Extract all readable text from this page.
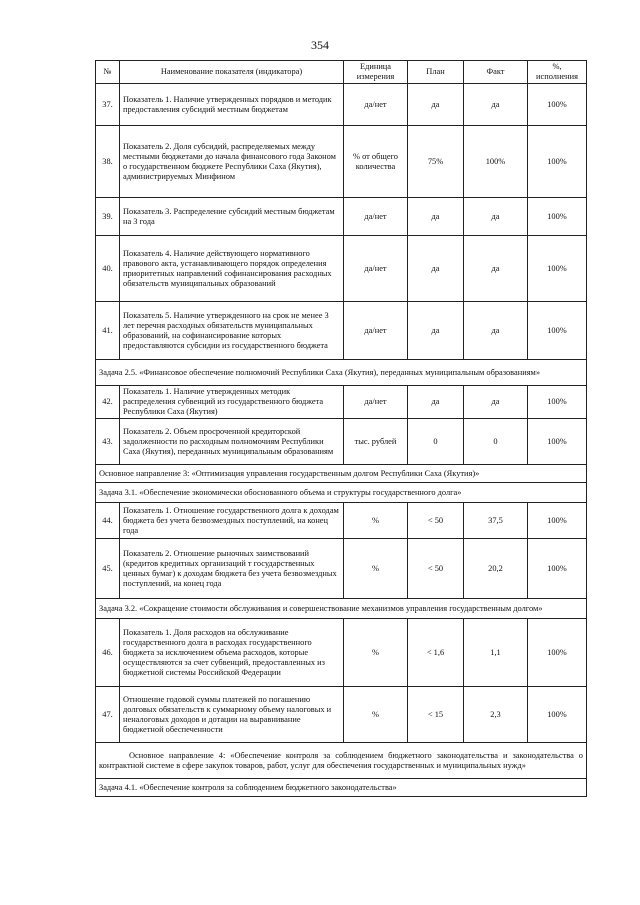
354
№	Наименование показателя (индикатора)	Единица измерения	План	Факт	%, исполнения
37.	Показатель 1. Наличие утвержденных порядков и методик предоставления субсидий местным бюджетам	да/нет	да	да	100%
38.	Показатель 2. Доля субсидий, распределяемых между местными бюджетами до начала финансового года Законом о государственном бюджете Республики Саха (Якутия), администрируемых Минфином	% от общего количества	75%	100%	100%
39.	Показатель 3. Распределение субсидий местным бюджетам на 3 года	да/нет	да	да	100%
40.	Показатель 4. Наличие действующего нормативного правового акта, устанавливающего порядок определения приоритетных направлений софинансирования расходных обязательств муниципальных образований	да/нет	да	да	100%
41.	Показатель 5. Наличие утвержденного на срок не менее 3 лет перечня расходных обязательств муниципальных образований, на софинансирование которых предоставляются субсидии из государственного бюджета	да/нет	да	да	100%
Задача 2.5. «Финансовое обеспечение полномочий Республики Саха (Якутия), переданных муниципальным образованиям»					
42.	Показатель 1. Наличие утвержденных методик распределения субвенций из государственного бюджета Республики Саха (Якутия)	да/нет	да	да	100%
43.	Показатель 2. Объем просроченной кредиторской задолженности по расходным полномочиям Республики Саха (Якутия), переданных муниципальным образованиям	тыс. рублей	0	0	100%
Основное направление 3: «Оптимизация управления государственным долгом Республики Саха (Якутия)»					
Задача 3.1. «Обеспечение экономически обоснованного объема и структуры государственного долга»					
44.	Показатель 1. Отношение государственного долга к доходам бюджета без учета безвозмездных поступлений, на конец года	%	< 50	37,5	100%
45.	Показатель 2. Отношение рыночных заимствований (кредитов кредитных организаций т государственных ценных бумаг) к доходам бюджета без учета безвозмездных поступлений, на конец года	%	< 50	20,2	100%
Задача 3.2. «Сокращение стоимости обслуживания и совершенствование механизмов управления государственным долгом»					
46.	Показатель 1. Доля расходов на обслуживание государственного долга в расходах государственного бюджета за исключением объема расходов, которые осуществляются за счет субвенций, предоставленных из бюджетной системы Российской Федерации	%	< 1,6	1,1	100%
47.	Отношение годовой суммы платежей по погашению долговых обязательств к суммарному объему налоговых и неналоговых доходов и дотации на выравнивание бюджетной обеспеченности	%	< 15	2,3	100%
Основное направление 4: «Обеспечение контроля за соблюдением бюджетного законодательства и законодательства о контрактной системе в сфере закупок товаров, работ, услуг для обеспечения государственных и муниципальных нужд»					
Задача 4.1. «Обеспечение контроля за соблюдением бюджетного законодательства»					
